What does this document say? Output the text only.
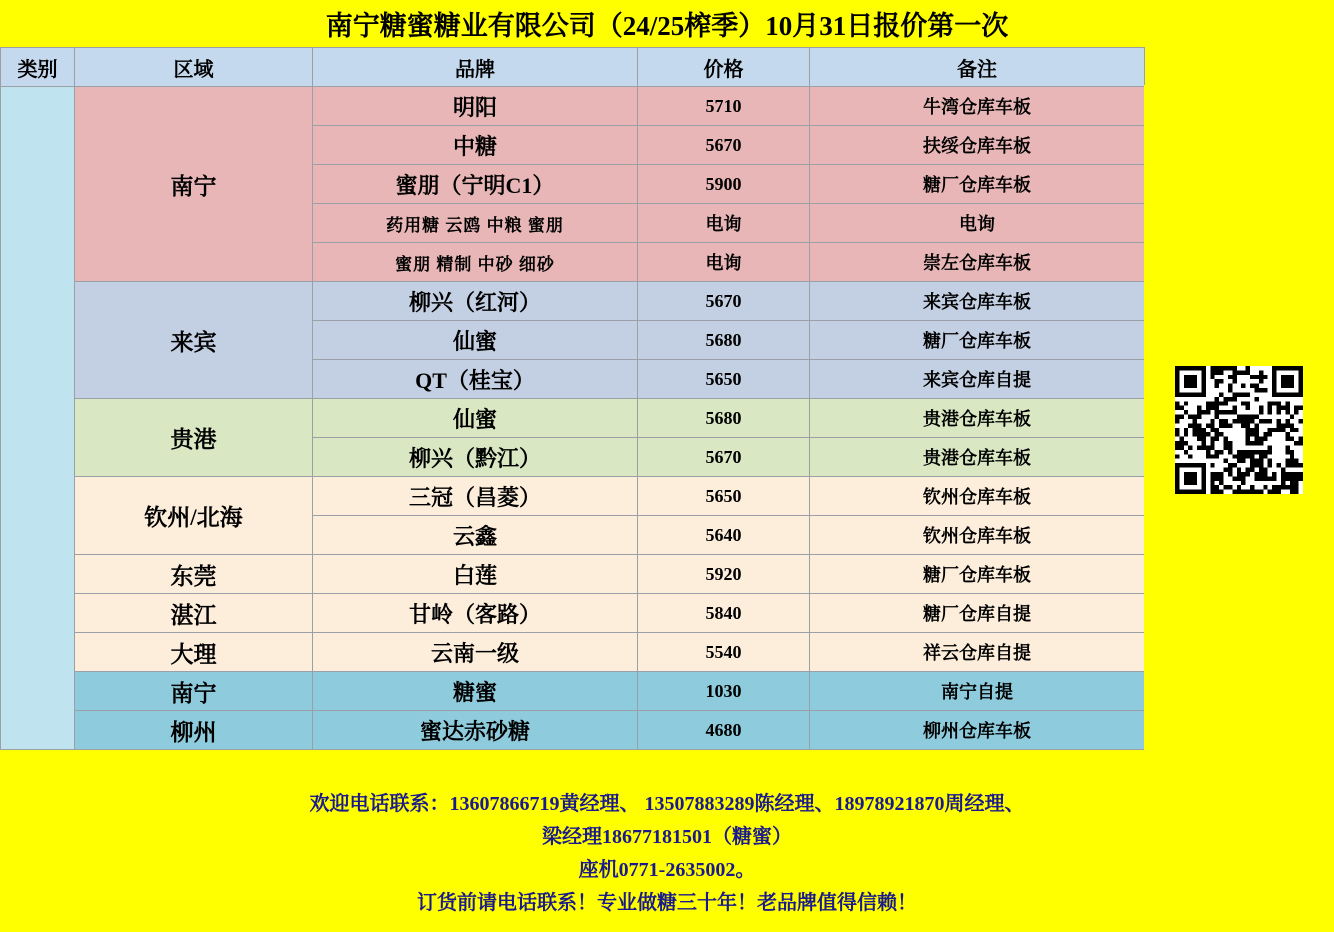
南宁糖蜜糖业有限公司（24/25榨季）10月31日报价第一次
类别	区域	品牌	价格	备注	
	南宁	明阳	5710	牛湾仓库车板	
		中糖	5670	扶绥仓库车板	
		蜜朋（宁明C1）	5900	糖厂仓库车板	
		药用糖 云鸥 中粮 蜜朋	电询	电询	
		蜜朋 精制 中砂 细砂	电询	崇左仓库车板	
	来宾	柳兴（红河）	5670	来宾仓库车板	
		仙蜜	5680	糖厂仓库车板	
		QT（桂宝）	5650	来宾仓库自提	
	贵港	仙蜜	5680	贵港仓库车板	
		柳兴（黔江）	5670	贵港仓库车板	
	钦州/北海	三冠（昌菱）	5650	钦州仓库车板	
		云鑫	5640	钦州仓库车板	
	东莞	白莲	5920	糖厂仓库车板	
	湛江	甘岭（客路）	5840	糖厂仓库自提	
	大理	云南一级	5540	祥云仓库自提	
	南宁	糖蜜	1030	南宁自提	
	柳州	蜜达赤砂糖	4680	柳州仓库车板	
欢迎电话联系：13607866719黄经理、 13507883289陈经理、18978921870周经理、
梁经理18677181501（糖蜜）
座机0771-2635002。
订货前请电话联系！专业做糖三十年！老品牌值得信赖！
